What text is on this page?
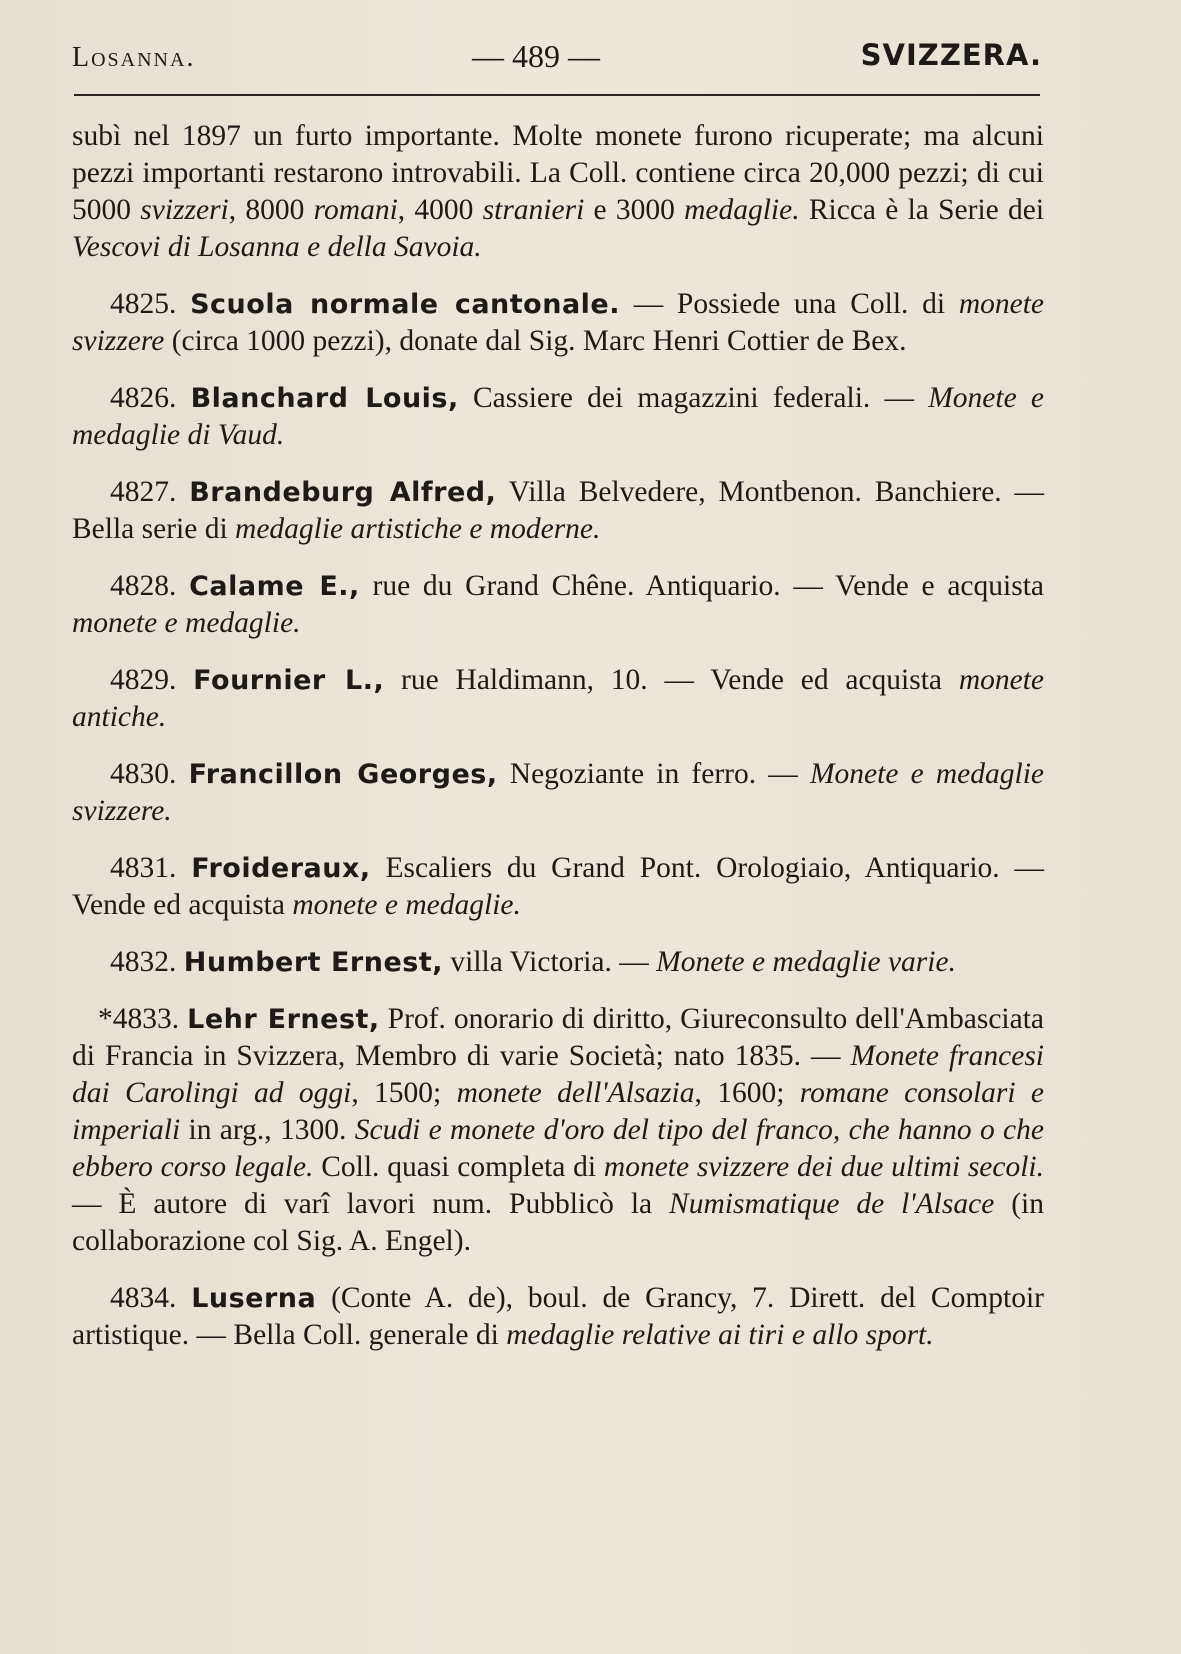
Losanna.	— 489 —	SVIZZERA.

subì nel 1897 un furto importante. Molte monete furono ricuperate; ma alcuni pezzi importanti restarono introvabili. La Coll. contiene circa 20,000 pezzi; di cui 5000 svizzeri, 8000 romani, 4000 stranieri e 3000 medaglie. Ricca è la Serie dei Vescovi di Losanna e della Savoia.

4825. Scuola normale cantonale. — Possiede una Coll. di monete svizzere (circa 1000 pezzi), donate dal Sig. Marc Henri Cottier de Bex.

4826. Blanchard Louis, Cassiere dei magazzini federali. — Monete e medaglie di Vaud.

4827. Brandeburg Alfred, Villa Belvedere, Montbenon. Banchiere. — Bella serie di medaglie artistiche e moderne.

4828. Calame E., rue du Grand Chêne. Antiquario. — Vende e acquista monete e medaglie.

4829. Fournier L., rue Haldimann, 10. — Vende ed acquista monete antiche.

4830. Francillon Georges, Negoziante in ferro. — Monete e medaglie svizzere.

4831. Froideraux, Escaliers du Grand Pont. Orologiaio, Antiquario. — Vende ed acquista monete e medaglie.

4832. Humbert Ernest, villa Victoria. — Monete e medaglie varie.

*4833. Lehr Ernest, Prof. onorario di diritto, Giureconsulto dell'Ambasciata di Francia in Svizzera, Membro di varie Società; nato 1835. — Monete francesi dai Carolingi ad oggi, 1500; monete dell'Alsazia, 1600; romane consolari e imperiali in arg., 1300. Scudi e monete d'oro del tipo del franco, che hanno o che ebbero corso legale. Coll. quasi completa di monete svizzere dei due ultimi secoli. — È autore di varî lavori num. Pubblicò la Numismatique de l'Alsace (in collaborazione col Sig. A. Engel).

4834. Luserna (Conte A. de), boul. de Grancy, 7. Dirett. del Comptoir artistique. — Bella Coll. generale di medaglie relative ai tiri e allo sport.
